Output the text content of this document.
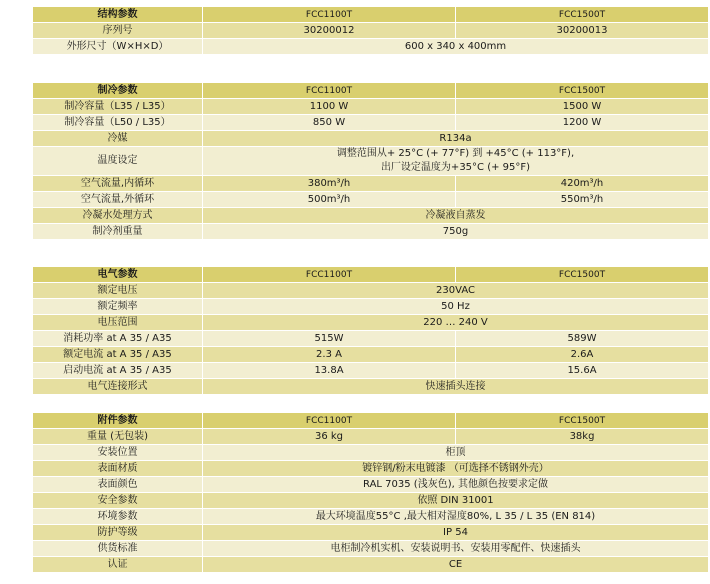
结构参数	FCC1100T	FCC1500T
序列号	30200012	30200013
外形尺寸（W×H×D）	600 x 340 x 400mm	
制冷参数	FCC1100T	FCC1500T
制冷容量（L35 / L35）	1100 W	1500 W
制冷容量（L50 / L35）	850 W	1200 W
冷媒	R134a	
温度设定	调整范围从+ 25°C (+ 77°F) 到 +45°C (+ 113°F),
出厂设定温度为+35°C (+ 95°F)	

空气流量,内循环	380m³/h	420m³/h
空气流量,外循环	500m³/h	550m³/h
冷凝水处理方式	冷凝液自蒸发	
制冷剂重量	750g	
电气参数	FCC1100T	FCC1500T
额定电压	230VAC	
额定频率	50 Hz	
电压范围	220 … 240 V	
消耗功率 at A 35 / A35	515W	589W
额定电流 at A 35 / A35	2.3 A	2.6A
启动电流 at A 35 / A35	13.8A	15.6A
电气连接形式	快速插头连接	
附件参数	FCC1100T	FCC1500T
重量 (无包装)	36 kg	38kg
安装位置	柜顶	
表面材质	镀锌钢/粉末电镀漆 （可选择不锈钢外壳）	
表面颜色	RAL 7035 (浅灰色), 其他颜色按要求定做	
安全参数	依照 DIN 31001	
环境参数	最大环境温度55°C ,最大相对湿度80%, L 35 / L 35 (EN 814)	
防护等级	IP 54	
供货标准	电柜制冷机实机、安装说明书、安装用零配件、快速插头	
认证	CE	
